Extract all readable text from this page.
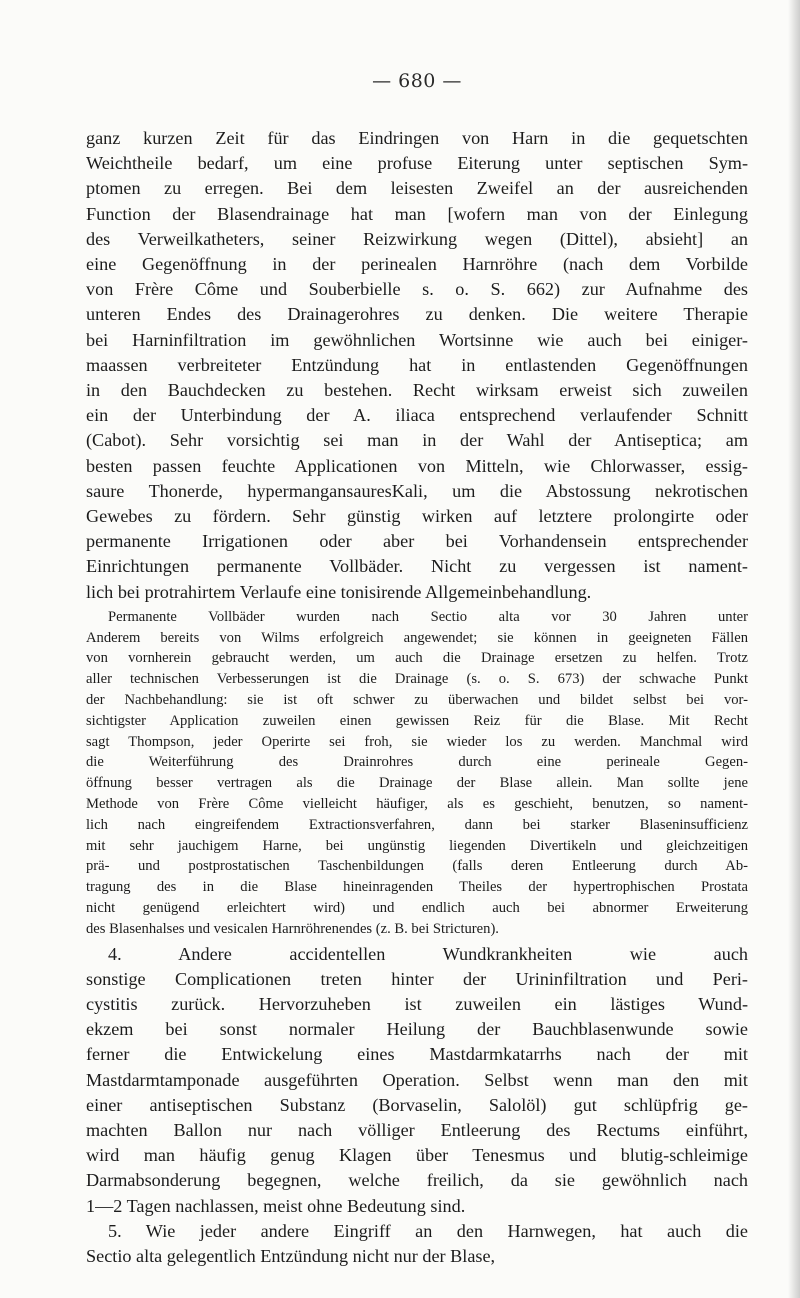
— 680 —

ganz kurzen Zeit für das Eindringen von Harn in die gequetschten

Weichtheile bedarf, um eine profuse Eiterung unter septischen Sym-

ptomen zu erregen. Bei dem leisesten Zweifel an der ausreichenden

Function der Blasendrainage hat man [wofern man von der Einlegung

des Verweilkatheters, seiner Reizwirkung wegen (Dittel), absieht] an

eine Gegenöffnung in der perinealen Harnröhre (nach dem Vorbilde

von Frère Côme und Souberbielle s. o. S. 662) zur Aufnahme des

unteren Endes des Drainagerohres zu denken. Die weitere Therapie

bei Harninfiltration im gewöhnlichen Wortsinne wie auch bei einiger-

maassen verbreiteter Entzündung hat in entlastenden Gegenöffnungen

in den Bauchdecken zu bestehen. Recht wirksam erweist sich zuweilen

ein der Unterbindung der A. iliaca entsprechend verlaufender Schnitt

(Cabot). Sehr vorsichtig sei man in der Wahl der Antiseptica; am

besten passen feuchte Applicationen von Mitteln, wie Chlorwasser, essig-

saure Thonerde, hypermangansauresKali, um die Abstossung nekrotischen

Gewebes zu fördern. Sehr günstig wirken auf letztere prolongirte oder

permanente Irrigationen oder aber bei Vorhandensein entsprechender

Einrichtungen permanente Vollbäder. Nicht zu vergessen ist nament-

lich bei protrahirtem Verlaufe eine tonisirende Allgemeinbehandlung.

Permanente Vollbäder wurden nach Sectio alta vor 30 Jahren unter

Anderem bereits von Wilms erfolgreich angewendet; sie können in geeigneten Fällen

von vornherein gebraucht werden, um auch die Drainage ersetzen zu helfen. Trotz

aller technischen Verbesserungen ist die Drainage (s. o. S. 673) der schwache Punkt

der Nachbehandlung: sie ist oft schwer zu überwachen und bildet selbst bei vor-

sichtigster Application zuweilen einen gewissen Reiz für die Blase. Mit Recht

sagt Thompson, jeder Operirte sei froh, sie wieder los zu werden. Manchmal wird

die Weiterführung des Drainrohres durch eine perineale Gegen-

öffnung besser vertragen als die Drainage der Blase allein. Man sollte jene

Methode von Frère Côme vielleicht häufiger, als es geschieht, benutzen, so nament-

lich nach eingreifendem Extractionsverfahren, dann bei starker Blaseninsufficienz

mit sehr jauchigem Harne, bei ungünstig liegenden Divertikeln und gleichzeitigen

prä- und postprostatischen Taschenbildungen (falls deren Entleerung durch Ab-

tragung des in die Blase hineinragenden Theiles der hypertrophischen Prostata

nicht genügend erleichtert wird) und endlich auch bei abnormer Erweiterung

des Blasenhalses und vesicalen Harnröhrenendes (z. B. bei Stricturen).

4. Andere accidentellen Wundkrankheiten wie auch

sonstige Complicationen treten hinter der Urininfiltration und Peri-

cystitis zurück. Hervorzuheben ist zuweilen ein lästiges Wund-

ekzem bei sonst normaler Heilung der Bauchblasenwunde sowie

ferner die Entwickelung eines Mastdarmkatarrhs nach der mit

Mastdarmtamponade ausgeführten Operation. Selbst wenn man den mit

einer antiseptischen Substanz (Borvaselin, Salolöl) gut schlüpfrig ge-

machten Ballon nur nach völliger Entleerung des Rectums einführt,

wird man häufig genug Klagen über Tenesmus und blutig-schleimige

Darmabsonderung begegnen, welche freilich, da sie gewöhnlich nach

1—2 Tagen nachlassen, meist ohne Bedeutung sind.

5. Wie jeder andere Eingriff an den Harnwegen, hat auch die

Sectio alta gelegentlich Entzündung nicht nur der Blase,
